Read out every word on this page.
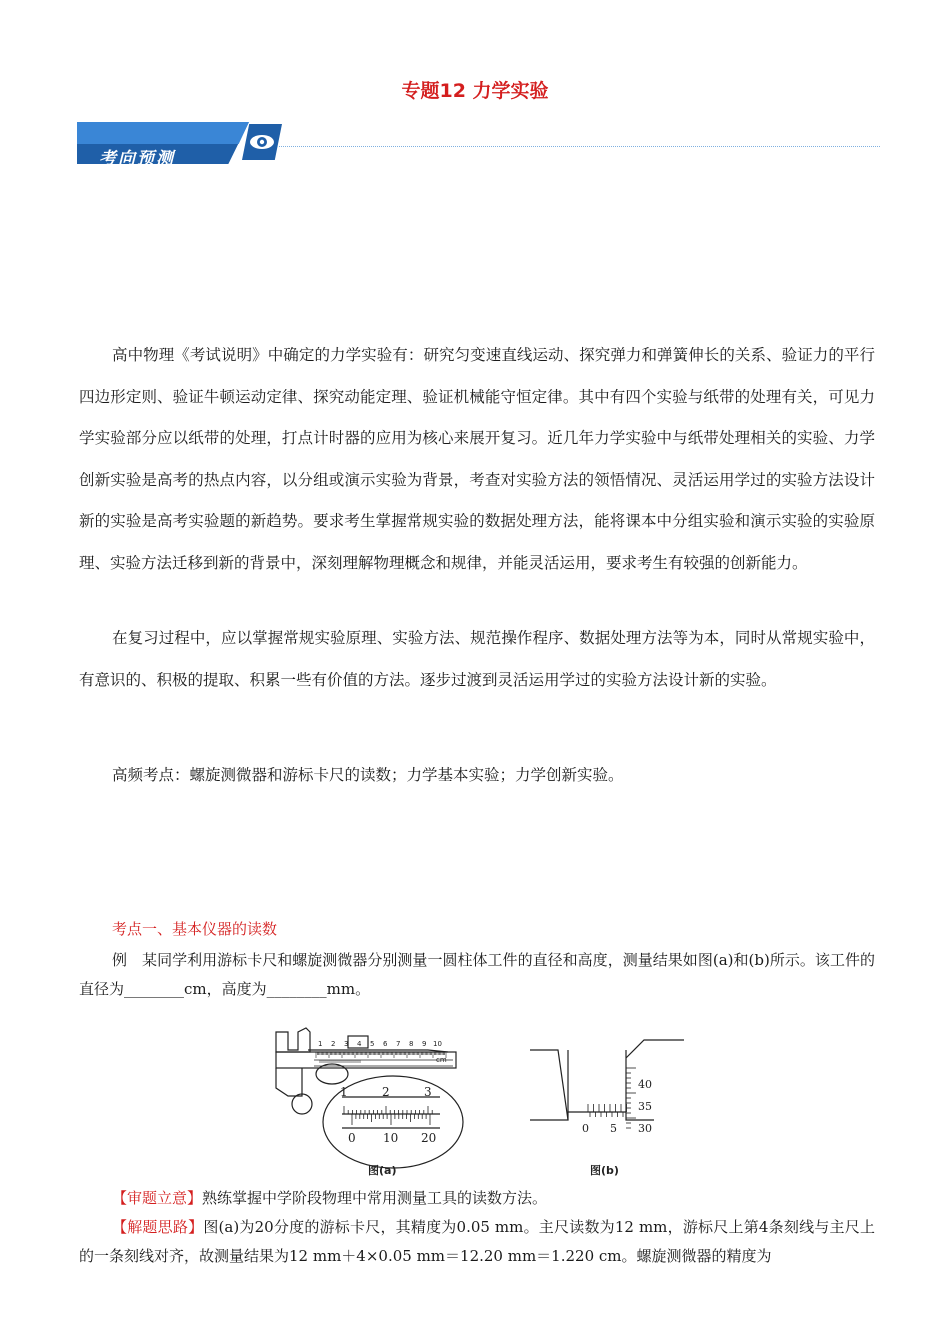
专题12 力学实验
考向预测

高中物理《考试说明》中确定的力学实验有：研究匀变速直线运动、探究弹力和弹簧伸长的关系、验证力的平行四边形定则、验证牛顿运动定律、探究动能定理、验证机械能守恒定律。其中有四个实验与纸带的处理有关，可见力学实验部分应以纸带的处理，打点计时器的应用为核心来展开复习。近几年力学实验中与纸带处理相关的实验、力学创新实验是高考的热点内容，以分组或演示实验为背景，考查对实验方法的领悟情况、灵活运用学过的实验方法设计新的实验是高考实验题的新趋势。要求考生掌握常规实验的数据处理方法，能将课本中分组实验和演示实验的实验原理、实验方法迁移到新的背景中，深刻理解物理概念和规律，并能灵活运用，要求考生有较强的创新能力。

在复习过程中，应以掌握常规实验原理、实验方法、规范操作程序、数据处理方法等为本，同时从常规实验中，有意识的、积极的提取、积累一些有价值的方法。逐步过渡到灵活运用学过的实验方法设计新的实验。

高频考点：螺旋测微器和游标卡尺的读数；力学基本实验；力学创新实验。

考点一、基本仪器的读数

例　某同学利用游标卡尺和螺旋测微器分别测量一圆柱体工件的直径和高度，测量结果如图(a)和(b)所示。该工件的直径为________cm，高度为________mm。

1 2 3 4 5 6 7 8 9 10
cm
1	2	3
0 10 20
图(a)
0 5
40
35
30
图(b)

【审题立意】熟练掌握中学阶段物理中常用测量工具的读数方法。

【解题思路】图(a)为20分度的游标卡尺，其精度为0.05 mm。主尺读数为12 mm，游标尺上第4条刻线与主尺上的一条刻线对齐，故测量结果为12 mm＋4×0.05 mm＝12.20 mm＝1.220 cm。螺旋测微器的精度为
